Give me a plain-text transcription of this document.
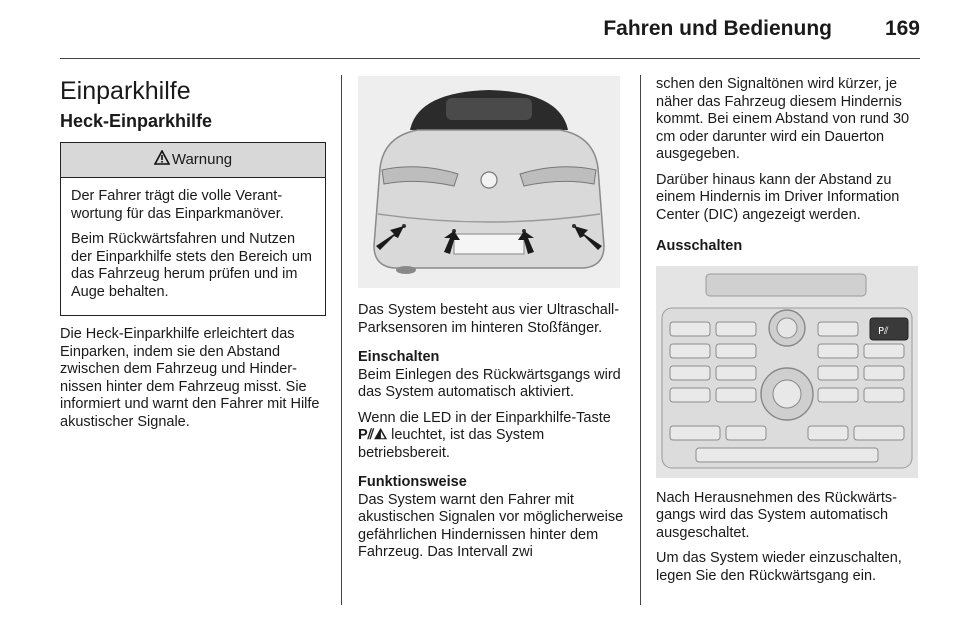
Fahren und Bedienung	169
Einparkhilfe
Heck-Einparkhilfe
Warnung

Der Fahrer trägt die volle Verantwortung für das Einparkmanöver.

Beim Rückwärtsfahren und Nutzen der Einparkhilfe stets den Bereich um das Fahrzeug herum prüfen und im Auge behalten.

Die Heck-Einparkhilfe erleichtert das Einparken, indem sie den Abstand zwischen dem Fahrzeug und Hindernissen hinter dem Fahrzeug misst. Sie informiert und warnt den Fahrer mit Hilfe akustischer Signale.

Das System besteht aus vier Ultraschall-Parksensoren im hinteren Stoßfänger.

Einschalten
Beim Einlegen des Rückwärtsgangs wird das System automatisch aktiviert.

Wenn die LED in der Einparkhilfe-Taste P⫽◭ leuchtet, ist das System betriebsbereit.

Funktionsweise
Das System warnt den Fahrer mit akustischen Signalen vor möglicherweise gefährlichen Hindernissen hinter dem Fahrzeug. Das Intervall zwi

schen den Signaltönen wird kürzer, je näher das Fahrzeug diesem Hindernis kommt. Bei einem Abstand von rund 30 cm oder darunter wird ein Dauerton ausgegeben.

Darüber hinaus kann der Abstand zu einem Hindernis im Driver Information Center (DIC) angezeigt werden.

Ausschalten

P⫽

Nach Herausnehmen des Rückwärtsgangs wird das System automatisch ausgeschaltet.

Um das System wieder einzuschalten, legen Sie den Rückwärtsgang ein.
